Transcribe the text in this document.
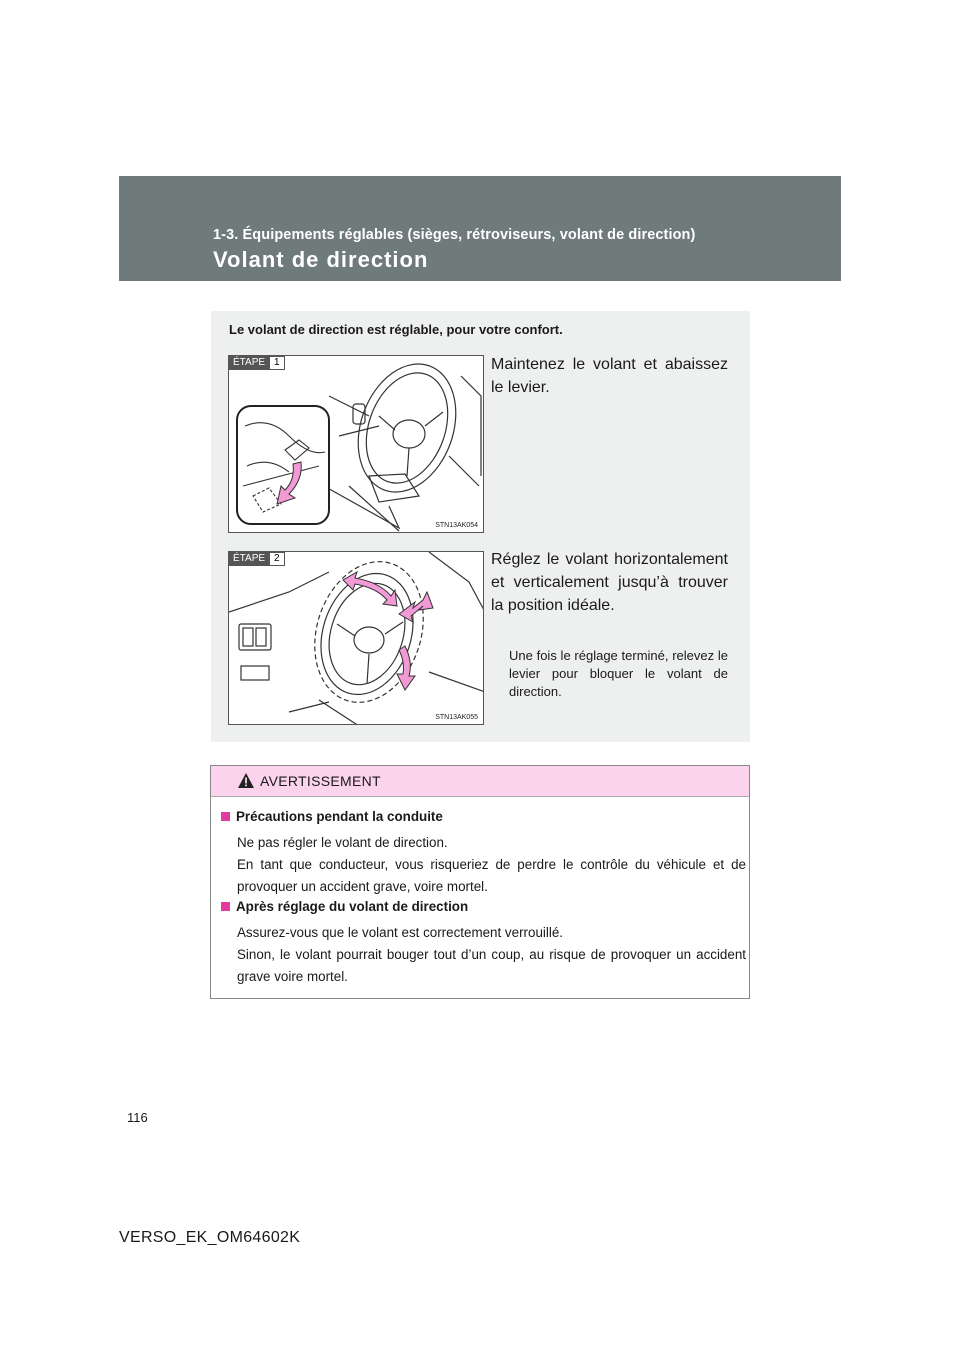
1-3. Équipements réglables (sièges, rétroviseurs, volant de direction)
Volant de direction
Le volant de direction est réglable, pour votre confort.
ÉTAPE 1
STN13AK054
Maintenez le volant et abaissez le levier.
ÉTAPE 2
STN13AK055
Réglez le volant horizontalement et verticalement jusqu’à trouver la position idéale.
Une fois le réglage terminé, relevez le levier pour bloquer le volant de direction.
AVERTISSEMENT
Précautions pendant la conduite
Ne pas régler le volant de direction.
En tant que conducteur, vous risqueriez de perdre le contrôle du véhicule et de provoquer un accident grave, voire mortel.
Après réglage du volant de direction
Assurez-vous que le volant est correctement verrouillé.
Sinon, le volant pourrait bouger tout d’un coup, au risque de provoquer un accident grave voire mortel.
116
VERSO_EK_OM64602K
